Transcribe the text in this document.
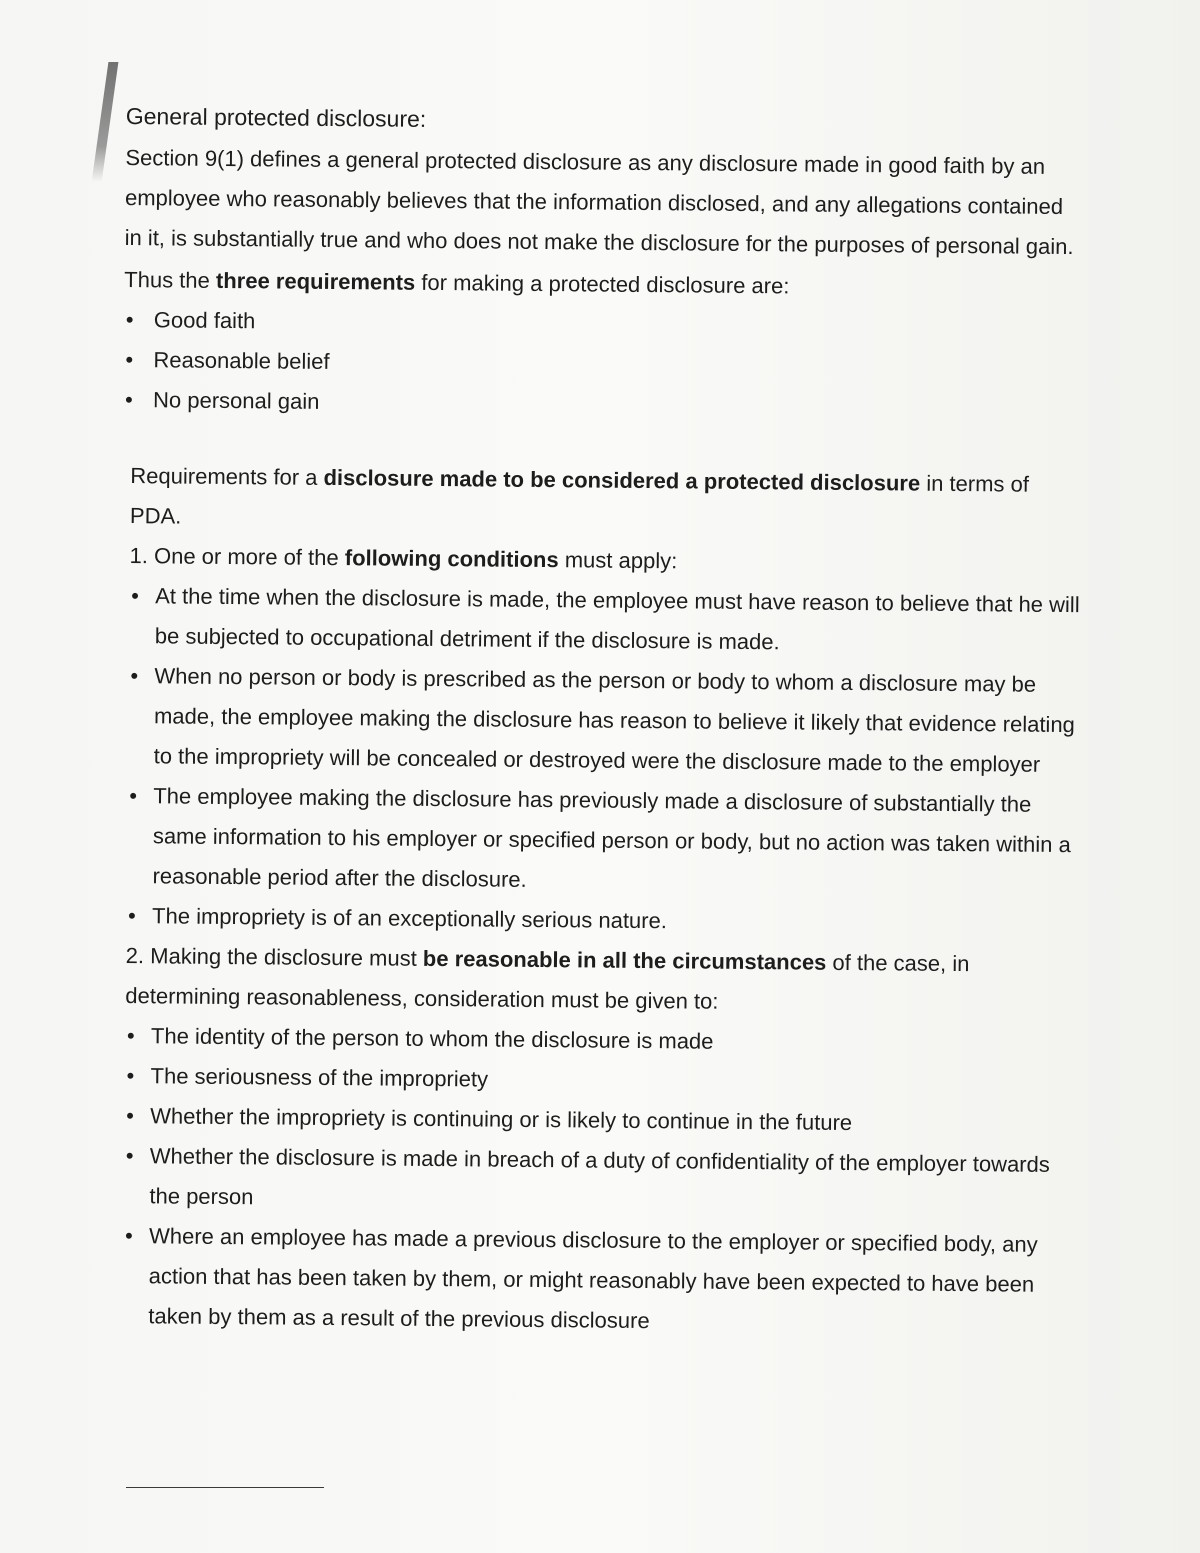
General protected disclosure:

Section 9(1) defines a general protected disclosure as any disclosure made in good faith by an employee who reasonably believes that the information disclosed, and any allegations contained in it, is substantially true and who does not make the disclosure for the purposes of personal gain.

Thus the three requirements for making a protected disclosure are:

• Good faith
• Reasonable belief
• No personal gain

Requirements for a disclosure made to be considered a protected disclosure in terms of PDA.

1. One or more of the following conditions must apply:

• At the time when the disclosure is made, the employee must have reason to believe that he will be subjected to occupational detriment if the disclosure is made.
• When no person or body is prescribed as the person or body to whom a disclosure may be made, the employee making the disclosure has reason to believe it likely that evidence relating to the impropriety will be concealed or destroyed were the disclosure made to the employer
• The employee making the disclosure has previously made a disclosure of substantially the same information to his employer or specified person or body, but no action was taken within a reasonable period after the disclosure.
• The impropriety is of an exceptionally serious nature.

2. Making the disclosure must be reasonable in all the circumstances of the case, in determining reasonableness, consideration must be given to:

• The identity of the person to whom the disclosure is made
• The seriousness of the impropriety
• Whether the impropriety is continuing or is likely to continue in the future
• Whether the disclosure is made in breach of a duty of confidentiality of the employer towards the person
• Where an employee has made a previous disclosure to the employer or specified body, any action that has been taken by them, or might reasonably have been expected to have been taken by them as a result of the previous disclosure
